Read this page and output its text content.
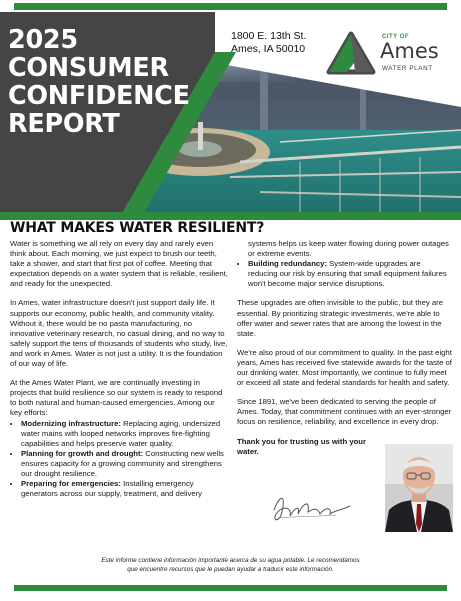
2025
CONSUMER
CONFIDENCE
REPORT
1800 E. 13th St.
Ames, IA 50010
CITY OF
Ames
WATER PLANT
WHAT MAKES WATER RESILIENT?

Water is something we all rely on every day and rarely even think about. Each morning, we just expect to brush our teeth, take a shower, and start that first pot of coffee. Meeting that expectation depends on a water system that is reliable, resilient, and ready for the unexpected.

In Ames, water infrastructure doesn't just support daily life. It supports our economy, public health, and community vitality. Without it, there would be no pasta manufacturing, no innovative veterinary research, no casual dining, and no way to safely support the tens of thousands of students who study, live, and work in Ames. Water is not just a utility. It is the foundation of our way of life.

At the Ames Water Plant, we are continually investing in projects that build resilience so our system is ready to respond to both natural and human-caused emergencies. Among our key efforts:

• Modernizing infrastructure: Replacing aging, undersized water mains with looped networks improves fire-fighting capabilities and helps preserve water quality.
• Planning for growth and drought: Constructing new wells ensures capacity for a growing community and strengthens our drought resilience.
• Preparing for emergencies: Installing emergency generators across our supply, treatment, and delivery
systems helps us keep water flowing during power outages or extreme events.
• Building redundancy: System-wide upgrades are reducing our risk by ensuring that small equipment failures won't become major service disruptions.

These upgrades are often invisible to the public, but they are essential. By prioritizing strategic investments, we're able to offer water and sewer rates that are among the lowest in the state.

We're also proud of our commitment to quality. In the past eight years, Ames has received five statewide awards for the taste of our drinking water. Most importantly, we continue to fully meet or exceed all state and federal standards for health and safety.

Since 1891, we've been dedicated to serving the people of Ames. Today, that commitment continues with an ever-stronger focus on resilience, reliability, and excellence in every drop.

Thank you for trusting us with your water.

Este informe contiene información importante acerca de su agua potable. Le recomendamos
que encuentre recursos que le puedan ayudar a traducir este información.
